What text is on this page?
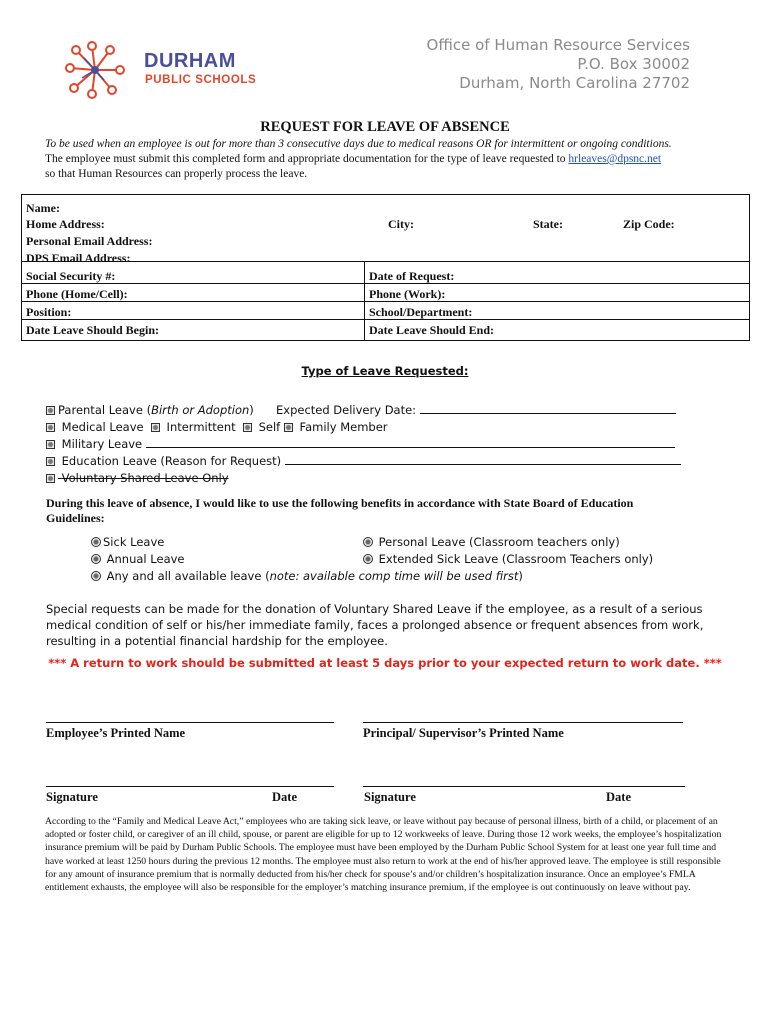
DURHAM
PUBLIC SCHOOLS
Office of Human Resource Services
P.O. Box 30002
Durham, North Carolina 27702
REQUEST FOR LEAVE OF ABSENCE
To be used when an employee is out for more than 3 consecutive days due to medical reasons OR for intermittent or ongoing conditions.
The employee must submit this completed form and appropriate documentation for the type of leave requested to hrleaves@dpsnc.net
so that Human Resources can properly process the leave.
Name:
Home Address:	City:	State:	Zip Code:
Personal Email Address:
DPS Email Address:
Social Security #:	Date of Request:
Phone (Home/Cell):	Phone (Work):
Position:	School/Department:
Date Leave Should Begin:	Date Leave Should End:
Type of Leave Requested:
Parental Leave (Birth or Adoption) Expected Delivery Date:
Medical Leave Intermittent Self Family Member
Military Leave
Education Leave (Reason for Request)
Voluntary Shared Leave Only
During this leave of absence, I would like to use the following benefits in accordance with State Board of Education Guidelines:
Sick Leave	Personal Leave (Classroom teachers only)
Annual Leave	Extended Sick Leave (Classroom Teachers only)
Any and all available leave (note: available comp time will be used first)
Special requests can be made for the donation of Voluntary Shared Leave if the employee, as a result of a serious medical condition of self or his/her immediate family, faces a prolonged absence or frequent absences from work, resulting in a potential financial hardship for the employee.
*** A return to work should be submitted at least 5 days prior to your expected return to work date. ***
Employee’s Printed Name	Principal/ Supervisor’s Printed Name
Signature	Date	Signature	Date
According to the “Family and Medical Leave Act,” employees who are taking sick leave, or leave without pay because of personal illness, birth of a child, or placement of an adopted or foster child, or caregiver of an ill child, spouse, or parent are eligible for up to 12 workweeks of leave. During those 12 work weeks, the employee’s hospitalization insurance premium will be paid by Durham Public Schools. The employee must have been employed by the Durham Public School System for at least one year full time and have worked at least 1250 hours during the previous 12 months. The employee must also return to work at the end of his/her approved leave. The employee is still responsible for any amount of insurance premium that is normally deducted from his/her check for spouse’s and/or children’s hospitalization insurance. Once an employee’s FMLA entitlement exhausts, the employee will also be responsible for the employer’s matching insurance premium, if the employee is out continuously on leave without pay.
